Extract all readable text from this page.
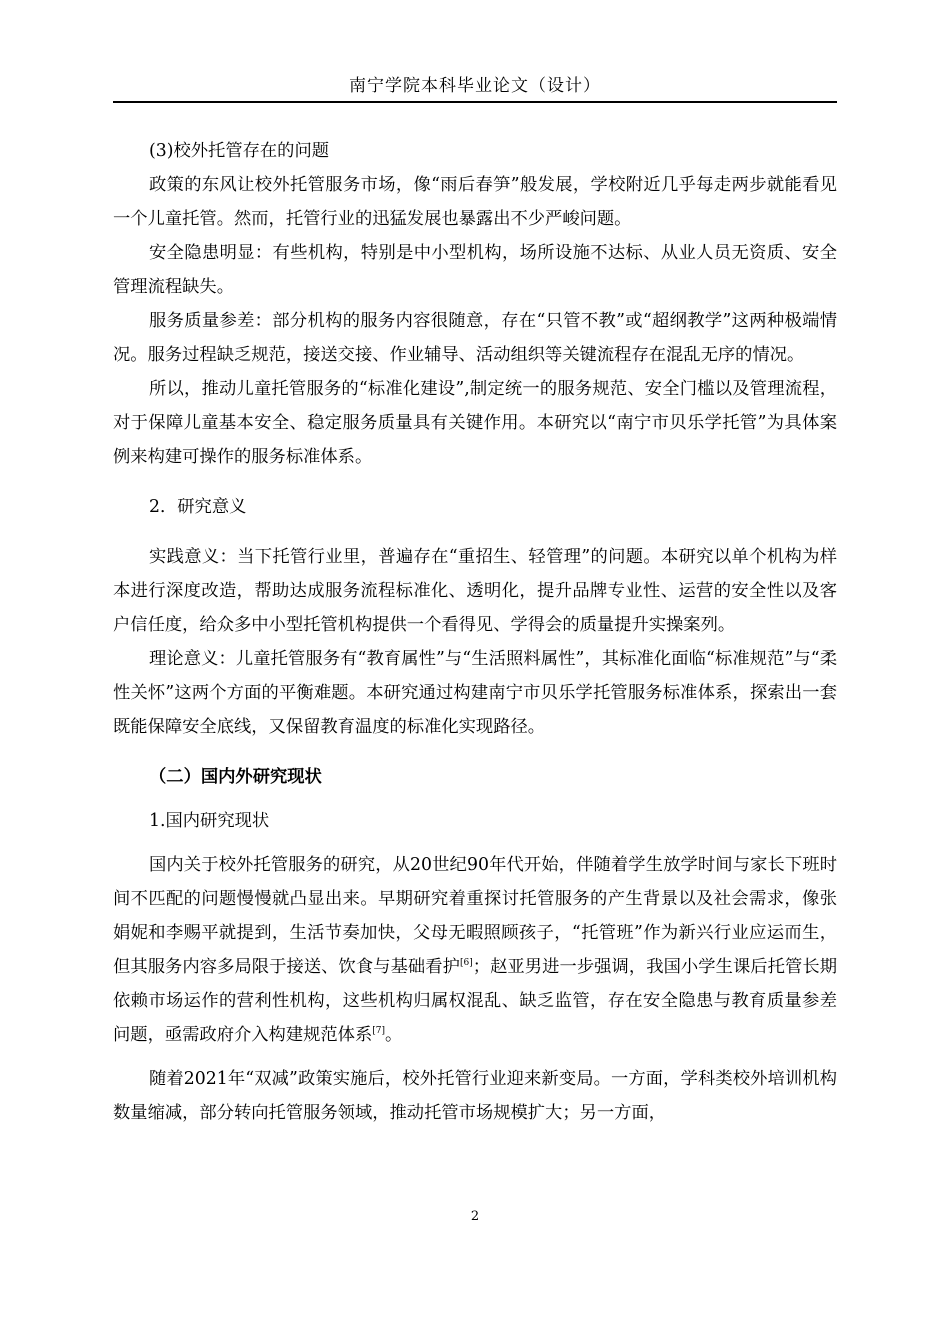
南宁学院本科毕业论文（设计）

(3)校外托管存在的问题

政策的东风让校外托管服务市场，像“雨后春笋”般发展，学校附近几乎每走两步就能看见一个儿童托管。然而，托管行业的迅猛发展也暴露出不少严峻问题。

安全隐患明显：有些机构，特别是中小型机构，场所设施不达标、从业人员无资质、安全管理流程缺失。

服务质量参差：部分机构的服务内容很随意，存在“只管不教”或“超纲教学”这两种极端情况。服务过程缺乏规范，接送交接、作业辅导、活动组织等关键流程存在混乱无序的情况。

所以，推动儿童托管服务的“标准化建设”,制定统一的服务规范、安全门槛以及管理流程，对于保障儿童基本安全、稳定服务质量具有关键作用。本研究以“南宁市贝乐学托管”为具体案例来构建可操作的服务标准体系。

2．研究意义

实践意义：当下托管行业里，普遍存在“重招生、轻管理”的问题。本研究以单个机构为样本进行深度改造，帮助达成服务流程标准化、透明化，提升品牌专业性、运营的安全性以及客户信任度，给众多中小型托管机构提供一个看得见、学得会的质量提升实操案列。

理论意义：儿童托管服务有“教育属性”与“生活照料属性”，其标准化面临“标准规范”与“柔性关怀”这两个方面的平衡难题。本研究通过构建南宁市贝乐学托管服务标准体系，探索出一套既能保障安全底线，又保留教育温度的标准化实现路径。

（二）国内外研究现状

1.国内研究现状

国内关于校外托管服务的研究，从20世纪90年代开始，伴随着学生放学时间与家长下班时间不匹配的问题慢慢就凸显出来。早期研究着重探讨托管服务的产生背景以及社会需求，像张娟妮和李赐平就提到，生活节奏加快，父母无暇照顾孩子，“托管班”作为新兴行业应运而生，但其服务内容多局限于接送、饮食与基础看护[6]；赵亚男进一步强调，我国小学生课后托管长期依赖市场运作的营利性机构，这些机构归属权混乱、缺乏监管，存在安全隐患与教育质量参差问题，亟需政府介入构建规范体系[7]。

随着2021年“双减”政策实施后，校外托管行业迎来新变局。一方面，学科类校外培训机构数量缩减，部分转向托管服务领域，推动托管市场规模扩大；另一方面，

2
